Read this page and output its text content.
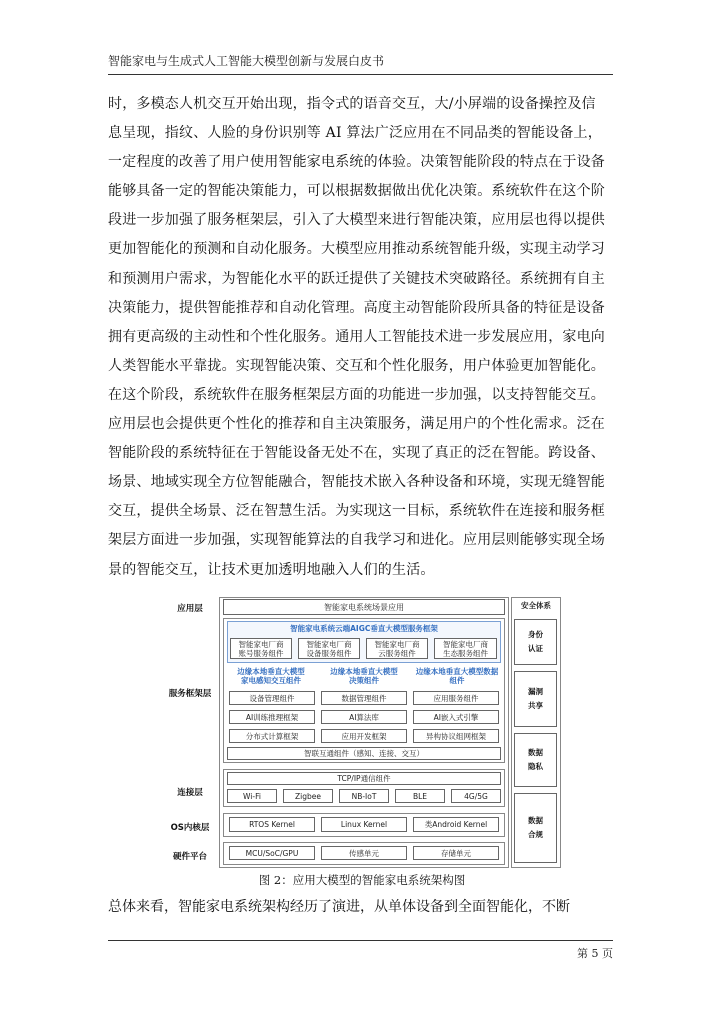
智能家电与生成式人工智能大模型创新与发展白皮书
时，多模态人机交互开始出现，指令式的语音交互，大/小屏端的设备操控及信
息呈现，指纹、人脸的身份识别等 AI 算法广泛应用在不同品类的智能设备上，
一定程度的改善了用户使用智能家电系统的体验。决策智能阶段的特点在于设备
能够具备一定的智能决策能力，可以根据数据做出优化决策。系统软件在这个阶
段进一步加强了服务框架层，引入了大模型来进行智能决策，应用层也得以提供
更加智能化的预测和自动化服务。大模型应用推动系统智能升级，实现主动学习
和预测用户需求，为智能化水平的跃迁提供了关键技术突破路径。系统拥有自主
决策能力，提供智能推荐和自动化管理。高度主动智能阶段所具备的特征是设备
拥有更高级的主动性和个性化服务。通用人工智能技术进一步发展应用，家电向
人类智能水平靠拢。实现智能决策、交互和个性化服务，用户体验更加智能化。
在这个阶段，系统软件在服务框架层方面的功能进一步加强，以支持智能交互。
应用层也会提供更个性化的推荐和自主决策服务，满足用户的个性化需求。泛在
智能阶段的系统特征在于智能设备无处不在，实现了真正的泛在智能。跨设备、
场景、地域实现全方位智能融合，智能技术嵌入各种设备和环境，实现无缝智能
交互，提供全场景、泛在智慧生活。为实现这一目标，系统软件在连接和服务框
架层方面进一步加强，实现智能算法的自我学习和进化。应用层则能够实现全场
景的智能交互，让技术更加透明地融入人们的生活。
应用层
服务框架层
连接层
OS内核层
硬件平台
智能家电系统场景应用
智能家电系统云端AIGC垂直大模型服务框架
智能家电厂商
账号服务组件
智能家电厂商
设备服务组件
智能家电厂商
云服务组件
智能家电厂商
生态服务组件
边缘本地垂直大模型
家电感知交互组件
边缘本地垂直大模型
决策组件
边缘本地垂直大模型数据
组件
设备管理组件
AI训练推理框架
分布式计算框架
数据管理组件
AI算法库
应用开发框架
应用服务组件
AI嵌入式引擎
异构协议组网框架
智联互通组件（感知、连接、交互）
TCP/IP通信组件
Wi-Fi	Zigbee	NB-IoT	BLE	4G/5G
RTOS Kernel	Linux Kernel	类Android Kernel
MCU/SoC/GPU	传感单元	存储单元
安全体系
身份
认证
漏洞
共享
数据
隐私
数据
合规
图 2：应用大模型的智能家电系统架构图
总体来看，智能家电系统架构经历了演进，从单体设备到全面智能化，不断
第 5 页
